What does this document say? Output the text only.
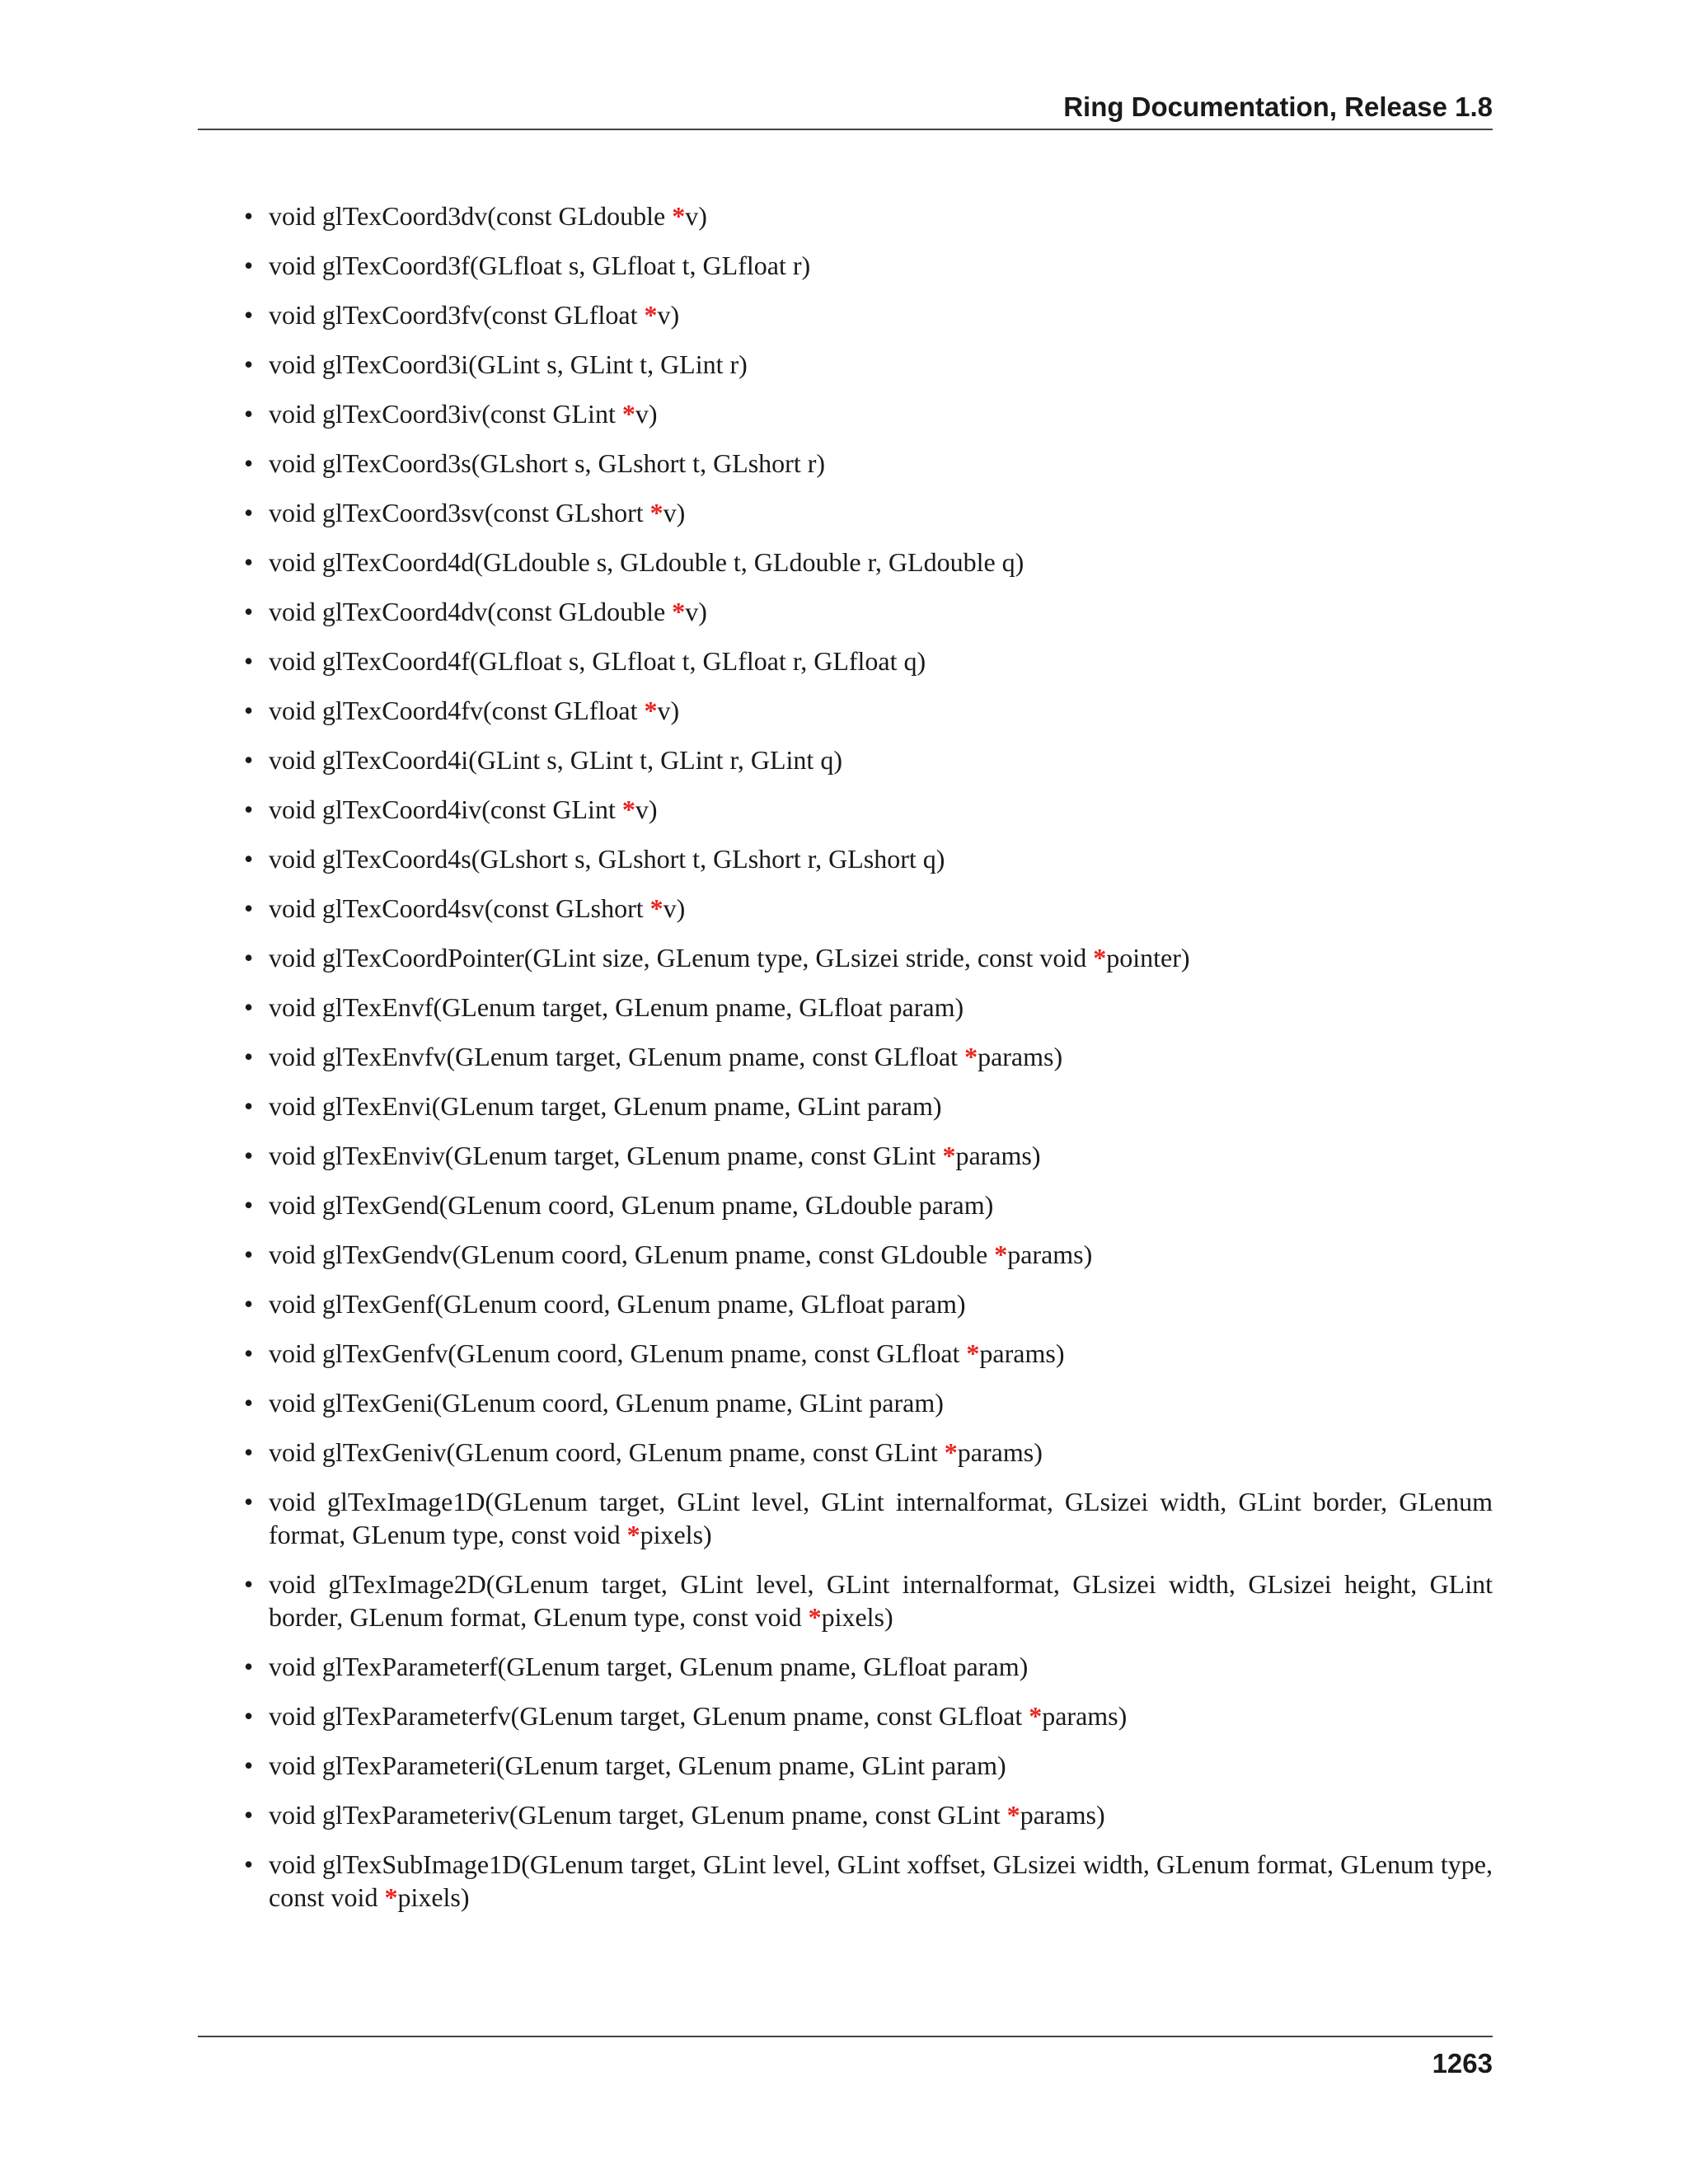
Ring Documentation, Release 1.8
• void glTexCoord3dv(const GLdouble *v)
• void glTexCoord3f(GLfloat s, GLfloat t, GLfloat r)
• void glTexCoord3fv(const GLfloat *v)
• void glTexCoord3i(GLint s, GLint t, GLint r)
• void glTexCoord3iv(const GLint *v)
• void glTexCoord3s(GLshort s, GLshort t, GLshort r)
• void glTexCoord3sv(const GLshort *v)
• void glTexCoord4d(GLdouble s, GLdouble t, GLdouble r, GLdouble q)
• void glTexCoord4dv(const GLdouble *v)
• void glTexCoord4f(GLfloat s, GLfloat t, GLfloat r, GLfloat q)
• void glTexCoord4fv(const GLfloat *v)
• void glTexCoord4i(GLint s, GLint t, GLint r, GLint q)
• void glTexCoord4iv(const GLint *v)
• void glTexCoord4s(GLshort s, GLshort t, GLshort r, GLshort q)
• void glTexCoord4sv(const GLshort *v)
• void glTexCoordPointer(GLint size, GLenum type, GLsizei stride, const void *pointer)
• void glTexEnvf(GLenum target, GLenum pname, GLfloat param)
• void glTexEnvfv(GLenum target, GLenum pname, const GLfloat *params)
• void glTexEnvi(GLenum target, GLenum pname, GLint param)
• void glTexEnviv(GLenum target, GLenum pname, const GLint *params)
• void glTexGend(GLenum coord, GLenum pname, GLdouble param)
• void glTexGendv(GLenum coord, GLenum pname, const GLdouble *params)
• void glTexGenf(GLenum coord, GLenum pname, GLfloat param)
• void glTexGenfv(GLenum coord, GLenum pname, const GLfloat *params)
• void glTexGeni(GLenum coord, GLenum pname, GLint param)
• void glTexGeniv(GLenum coord, GLenum pname, const GLint *params)
• void glTexImage1D(GLenum target, GLint level, GLint internalformat, GLsizei width, GLint border, GLenum format, GLenum type, const void *pixels)
• void glTexImage2D(GLenum target, GLint level, GLint internalformat, GLsizei width, GLsizei height, GLint border, GLenum format, GLenum type, const void *pixels)
• void glTexParameterf(GLenum target, GLenum pname, GLfloat param)
• void glTexParameterfv(GLenum target, GLenum pname, const GLfloat *params)
• void glTexParameteri(GLenum target, GLenum pname, GLint param)
• void glTexParameteriv(GLenum target, GLenum pname, const GLint *params)
• void glTexSubImage1D(GLenum target, GLint level, GLint xoffset, GLsizei width, GLenum format, GLenum type, const void *pixels)
1263
